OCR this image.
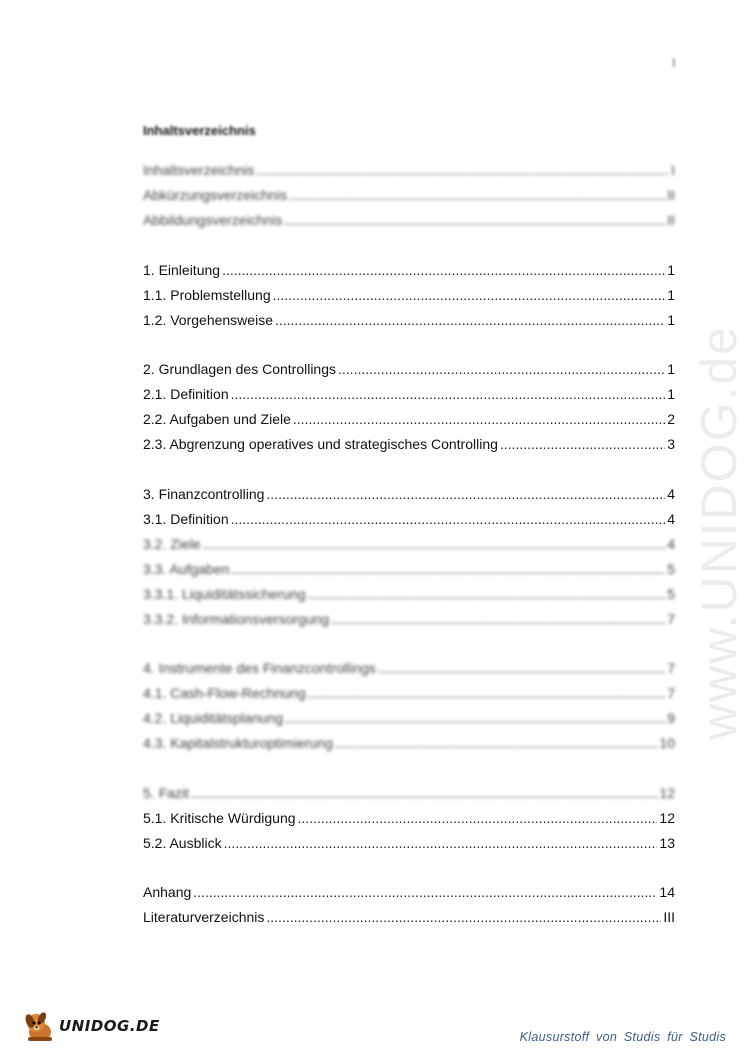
I
www.UNIDOG.de
Inhaltsverzeichnis
Inhaltsverzeichnis .....	I
Abkürzungsverzeichnis .....	II
Abbildungsverzeichnis .....	II
1. Einleitung .....	1
1.1. Problemstellung .....	1
1.2. Vorgehensweise .....	1
2. Grundlagen des Controllings .....	1
2.1. Definition .....	1
2.2. Aufgaben und Ziele .....	2
2.3. Abgrenzung operatives und strategisches Controlling .....	3
3. Finanzcontrolling .....	4
3.1. Definition .....	4
3.2. Ziele .....	4
3.3. Aufgaben .....	5
3.3.1. Liquiditätssicherung .....	5
3.3.2. Informationsversorgung .....	7
4. Instrumente des Finanzcontrollings .....	7
4.1. Cash-Flow-Rechnung .....	7
4.2. Liquiditätsplanung .....	9
4.3. Kapitalstrukturoptimierung .....	10
5. Fazit .....	12
5.1. Kritische Würdigung .....	12
5.2. Ausblick .....	13
Anhang .....	14
Literaturverzeichnis .....	III
UNIDOG.DE
Klausurstoff von Studis für Studis
